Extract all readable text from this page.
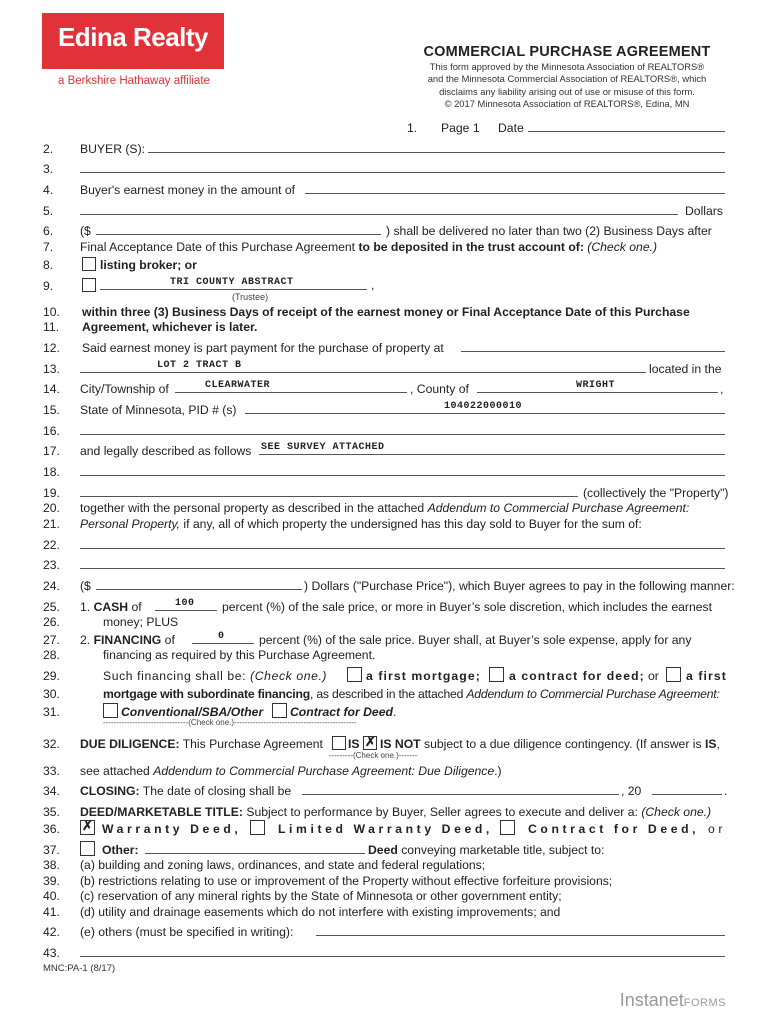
Edina Realty
a Berkshire Hathaway affiliate
COMMERCIAL PURCHASE AGREEMENT
This form approved by the Minnesota Association of REALTORS®
and the Minnesota Commercial Association of REALTORS®, which
disclaims any liability arising out of use or misuse of this form.
© 2017 Minnesota Association of REALTORS®, Edina, MN
1. Page 1 Date
2.	BUYER (S):
3.
4.	Buyer's earnest money in the amount of
5.	Dollars
6.	($	) shall be delivered no later than two (2) Business Days after
7.	Final Acceptance Date of this Purchase Agreement to be deposited in the trust account of: (Check one.)
8.	listing broker; or
9.	TRI COUNTY ABSTRACT	,
(Trustee)
10.	within three (3) Business Days of receipt of the earnest money or Final Acceptance Date of this Purchase
11.	Agreement, whichever is later.
12.	Said earnest money is part payment for the purchase of property at
13.	LOT 2 TRACT B	located in the
14.	City/Township of	CLEARWATER	, County of	WRIGHT	,
15.	State of Minnesota, PID # (s)	104022000010
16.
17.	and legally described as follows SEE SURVEY ATTACHED
18.
19.	(collectively the "Property")
20.	together with the personal property as described in the attached Addendum to Commercial Purchase Agreement:
21.	Personal Property, if any, all of which property the undersigned has this day sold to Buyer for the sum of:
22.
23.
24.	($	) Dollars ("Purchase Price"), which Buyer agrees to pay in the following manner:
25.	1. CASH of	100 percent (%) of the sale price, or more in Buyer’s sole discretion, which includes the earnest
26.	money; PLUS
27.	2. FINANCING of	0	percent (%) of the sale price. Buyer shall, at Buyer’s sole expense, apply for any
28.	financing as required by this Purchase Agreement.
29.	Such financing shall be: (Check one.)	a first mortgage; a contract for deed; or a first
30.	mortgage with subordinate financing, as described in the attached Addendum to Commercial Purchase Agreement:
31.	Conventional/SBA/Other Contract for Deed.
--------------------------------(Check one.)----------------------------------------------
32.	DUE DILIGENCE: This Purchase Agreement IS ✗ IS NOT subject to a due diligence contingency. (If answer is IS,
---------(Check one.)-------
33.	see attached Addendum to Commercial Purchase Agreement: Due Diligence.)
34.	CLOSING: The date of closing shall be	, 20	.
35.	DEED/MARKETABLE TITLE: Subject to performance by Buyer, Seller agrees to execute and deliver a: (Check one.)
36. ✗	Warranty Deed,	Limited Warranty Deed,	Contract for Deed, or
37.	Other:	Deed conveying marketable title, subject to:
38.	(a) building and zoning laws, ordinances, and state and federal regulations;
39.	(b) restrictions relating to use or improvement of the Property without effective forfeiture provisions;
40.	(c) reservation of any mineral rights by the State of Minnesota or other government entity;
41.	(d) utility and drainage easements which do not interfere with existing improvements; and
42.	(e) others (must be specified in writing):
43.
MNC:PA-1 (8/17)
InstanetFORMS
